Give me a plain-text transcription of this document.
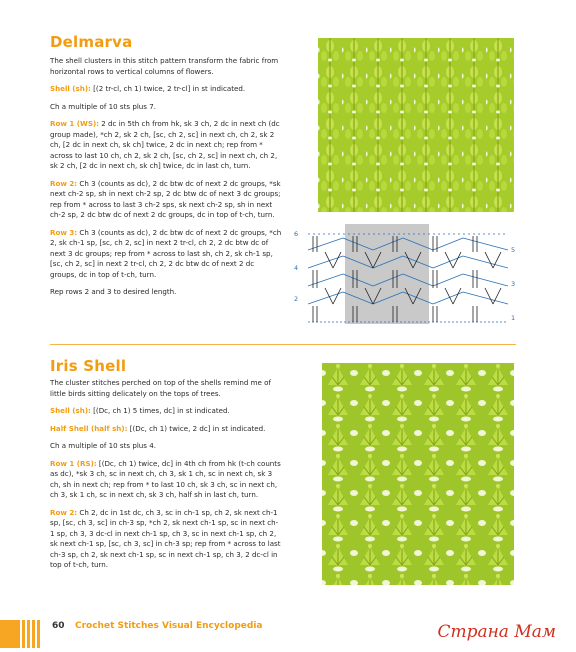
Delmarva

The shell clusters in this stitch pattern transform the fabric from horizontal rows to vertical columns of flowers.

Shell (sh): [(2 tr-cl, ch 1) twice, 2 tr-cl] in st indicated.

Ch a multiple of 10 sts plus 7.

Row 1 (WS): 2 dc in 5th ch from hk, sk 3 ch, 2 dc in next ch (dc group made), *ch 2, sk 2 ch, [sc, ch 2, sc] in next ch, ch 2, sk 2 ch, [2 dc in next ch, sk ch] twice, 2 dc in next ch; rep from * across to last 10 ch, ch 2, sk 2 ch, [sc, ch 2, sc] in next ch, ch 2, sk 2 ch, [2 dc in next ch, sk ch] twice, dc in last ch, turn.

Row 2: Ch 3 (counts as dc), 2 dc btw dc of next 2 dc groups, *sk next ch-2 sp, sh in next ch-2 sp, 2 dc btw dc of next 3 dc groups; rep from * across to last 3 ch-2 sps, sk next ch-2 sp, sh in next ch-2 sp, 2 dc btw dc of next 2 dc groups, dc in top of t-ch, turn.

Row 3: Ch 3 (counts as dc), 2 dc btw dc of next 2 dc groups, *ch 2, sk ch-1 sp, [sc, ch 2, sc] in next 2 tr-cl, ch 2, 2 dc btw dc of next 3 dc groups; rep from * across to last sh, ch 2, sk ch-1 sp, [sc, ch 2, sc] in next 2 tr-cl, ch 2, 2 dc btw dc of next 2 dc groups, dc in top of t-ch, turn.

Rep rows 2 and 3 to desired length.

6
4
2
5
3
1
Iris Shell

The cluster stitches perched on top of the shells remind me of little birds sitting delicately on the tops of trees.

Shell (sh): [(Dc, ch 1) 5 times, dc] in st indicated.

Half Shell (half sh): [(Dc, ch 1) twice, 2 dc] in st indicated.

Ch a multiple of 10 sts plus 4.

Row 1 (RS): [(Dc, ch 1) twice, dc] in 4th ch from hk (t-ch counts as dc), *sk 3 ch, sc in next ch, ch 3, sk 1 ch, sc in next ch, sk 3 ch, sh in next ch; rep from * to last 10 ch, sk 3 ch, sc in next ch, ch 3, sk 1 ch, sc in next ch, sk 3 ch, half sh in last ch, turn.

Row 2: Ch 2, dc in 1st dc, ch 3, sc in ch-1 sp, ch 2, sk next ch-1 sp, [sc, ch 3, sc] in ch-3 sp, *ch 2, sk next ch-1 sp, sc in next ch-1 sp, ch 3, 3 dc-cl in next ch-1 sp, ch 3, sc in next ch-1 sp, ch 2, sk next ch-1 sp, [sc, ch 3, sc] in ch-3 sp; rep from * across to last ch-3 sp, ch 2, sk next ch-1 sp, sc in next ch-1 sp, ch 3, 2 dc-cl in top of t-ch, turn.

60 Crochet Stitches Visual Encyclopedia	Страна Мам
